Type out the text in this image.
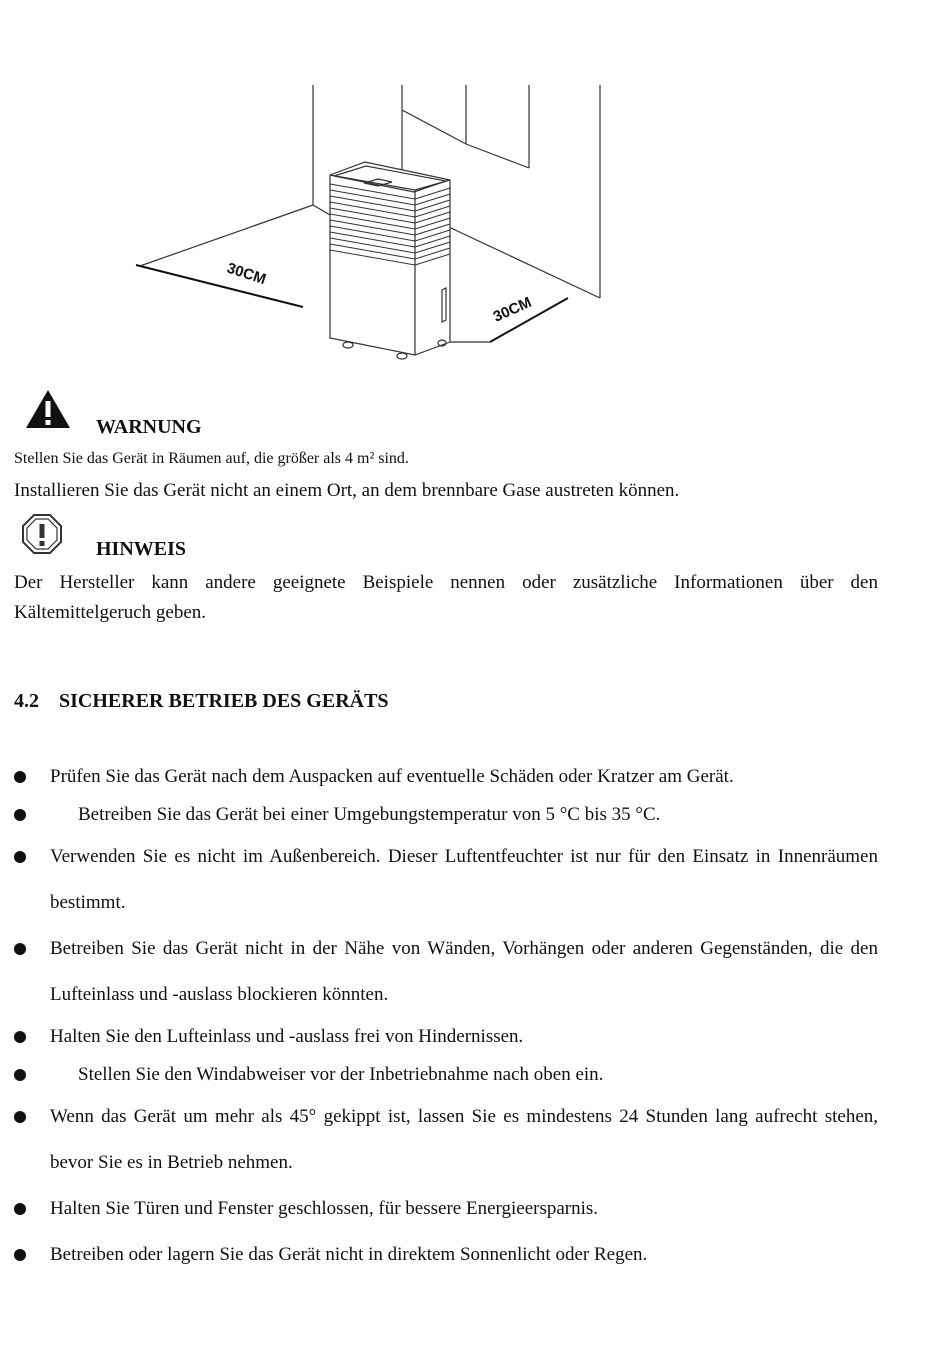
30CM
30CM
WARNUNG
Stellen Sie das Gerät in Räumen auf, die größer als 4 m² sind.
Installieren Sie das Gerät nicht an einem Ort, an dem brennbare Gase austreten können.
HINWEIS
Der Hersteller kann andere geeignete Beispiele nennen oder zusätzliche Informationen über den Kältemittelgeruch geben.
4.2 SICHERER BETRIEB DES GERÄTS
Prüfen Sie das Gerät nach dem Auspacken auf eventuelle Schäden oder Kratzer am Gerät.
Betreiben Sie das Gerät bei einer Umgebungstemperatur von 5 °C bis 35 °C.
Verwenden Sie es nicht im Außenbereich. Dieser Luftentfeuchter ist nur für den Einsatz in Innenräumen bestimmt.
Betreiben Sie das Gerät nicht in der Nähe von Wänden, Vorhängen oder anderen Gegenständen, die den Lufteinlass und -auslass blockieren könnten.
Halten Sie den Lufteinlass und -auslass frei von Hindernissen.
Stellen Sie den Windabweiser vor der Inbetriebnahme nach oben ein.
Wenn das Gerät um mehr als 45° gekippt ist, lassen Sie es mindestens 24 Stunden lang aufrecht stehen, bevor Sie es in Betrieb nehmen.
Halten Sie Türen und Fenster geschlossen, für bessere Energieersparnis.
Betreiben oder lagern Sie das Gerät nicht in direktem Sonnenlicht oder Regen.
